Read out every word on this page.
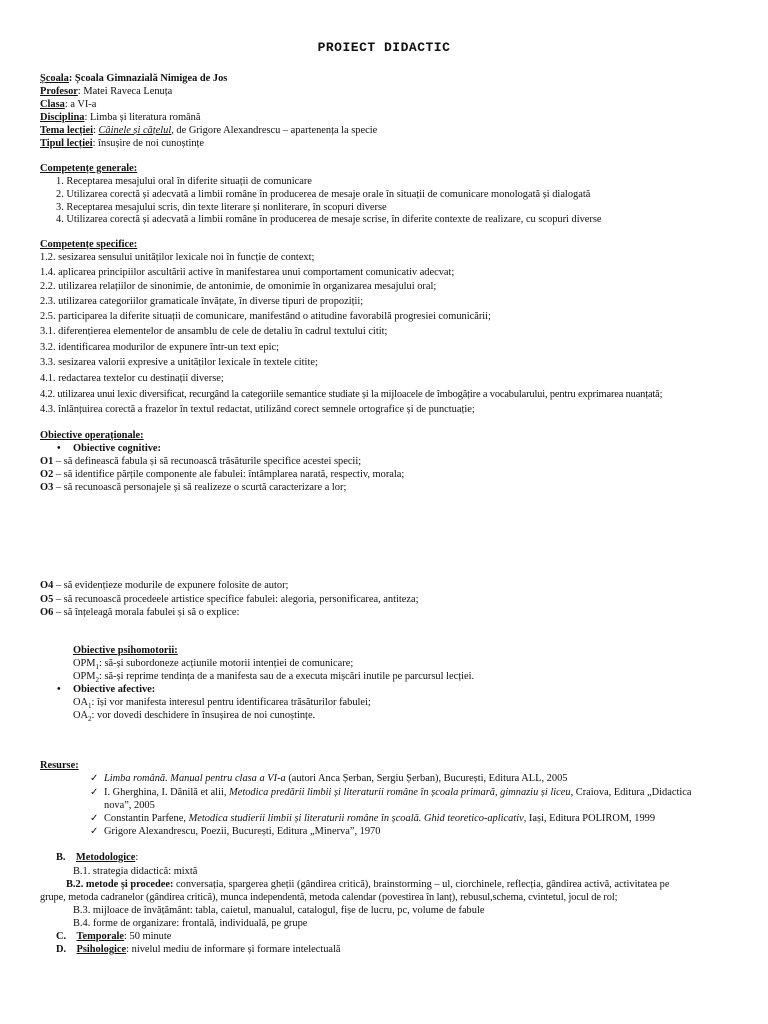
PROIECT DIDACTIC
Școala: Școala Gimnazială Nimigea de Jos
Profesor: Matei Raveca Lenuța
Clasa: a VI-a
Disciplina: Limba și literatura română
Tema lecției: Câinele și cățelul, de Grigore Alexandrescu – apartenența la specie
Tipul lecției: însușire de noi cunoștințe
Competențe generale:
1. Receptarea mesajului oral în diferite situații de comunicare
2. Utilizarea corectă și adecvată a limbii române în producerea de mesaje orale în situații de comunicare monologată și dialogată
3. Receptarea mesajului scris, din texte literare și nonliterare, în scopuri diverse
4. Utilizarea corectă și adecvată a limbii române în producerea de mesaje scrise, în diferite contexte de realizare, cu scopuri diverse
Competențe specifice:
1.2. sesizarea sensului unităților lexicale noi în funcție de context;
1.4. aplicarea principiilor ascultării active în manifestarea unui comportament comunicativ adecvat;
2.2. utilizarea relațiilor de sinonimie, de antonimie, de omonimie în organizarea mesajului oral;
2.3. utilizarea categoriilor gramaticale învățate, în diverse tipuri de propoziții;
2.5. participarea la diferite situații de comunicare, manifestând o atitudine favorabilă progresiei comunicării;
3.1. diferențierea elementelor de ansamblu de cele de detaliu în cadrul textului citit;
3.2. identificarea modurilor de expunere într-un text epic;
3.3. sesizarea valorii expresive a unităților lexicale în textele citite;
4.1. redactarea textelor cu destinații diverse;
4.2. utilizarea unui lexic diversificat, recurgând la categoriile semantice studiate și la mijloacele de îmbogățire a vocabularului, pentru exprimarea nuanțată;
4.3. înlănțuirea corectă a frazelor în textul redactat, utilizând corect semnele ortografice și de punctuație;
Obiective operaționale:
• Obiective cognitive:
O1 – să definească fabula și să recunoască trăsăturile specifice acestei specii;
O2 – să identifice părțile componente ale fabulei: întâmplarea narată, respectiv, morala;
O3 – să recunoască personajele și să realizeze o scurtă caracterizare a lor;
O4 – să evidențieze modurile de expunere folosite de autor;
O5 – să recunoască procedeele artistice specifice fabulei: alegoria, personificarea, antiteza;
O6 – să înțeleagă morala fabulei și să o explice:
Obiective psihomotorii:
$OPM_1$: să-și subordoneze acțiunile motorii intenției de comunicare;
$OPM_2$: să-și reprime tendința de a manifesta sau de a executa mișcări inutile pe parcursul lecției.
• Obiective afective:
$OA_1$: își vor manifesta interesul pentru identificarea trăsăturilor fabulei;
$OA_2$: vor dovedi deschidere în însușirea de noi cunoștințe.
Resurse:
✓ Limba română. Manual pentru clasa a VI-a (autori Anca Șerban, Sergiu Șerban), București, Editura ALL, 2005
✓ I. Gherghina, I. Dănilă et alii, Metodica predării limbii și literaturii române în școala primară, gimnaziu și liceu, Craiova, Editura „Didactica
nova”, 2005
✓ Constantin Parfene, Metodica studierii limbii și literaturii române în școală. Ghid teoretico-aplicativ, Iași, Editura POLIROM, 1999
✓ Grigore Alexandrescu, Poezii, București, Editura „Minerva”, 1970
B. Metodologice:
B.1. strategia didactică: mixtă
B.2. metode și procedee: conversația, spargerea gheții (gândirea critică), brainstorming – ul, ciorchinele, reflecția, gândirea activă, activitatea pe
grupe, metoda cadranelor (gândirea critică), munca independentă, metoda calendar (povestirea în lanț), rebusul,schema, cvintetul, jocul de rol;
B.3. mijloace de învățământ: tabla, caietul, manualul, catalogul, fișe de lucru, pc, volume de fabule
B.4. forme de organizare: frontală, individuală, pe grupe
C. Temporale: 50 minute
D. Psihologice: nivelul mediu de informare și formare intelectuală
